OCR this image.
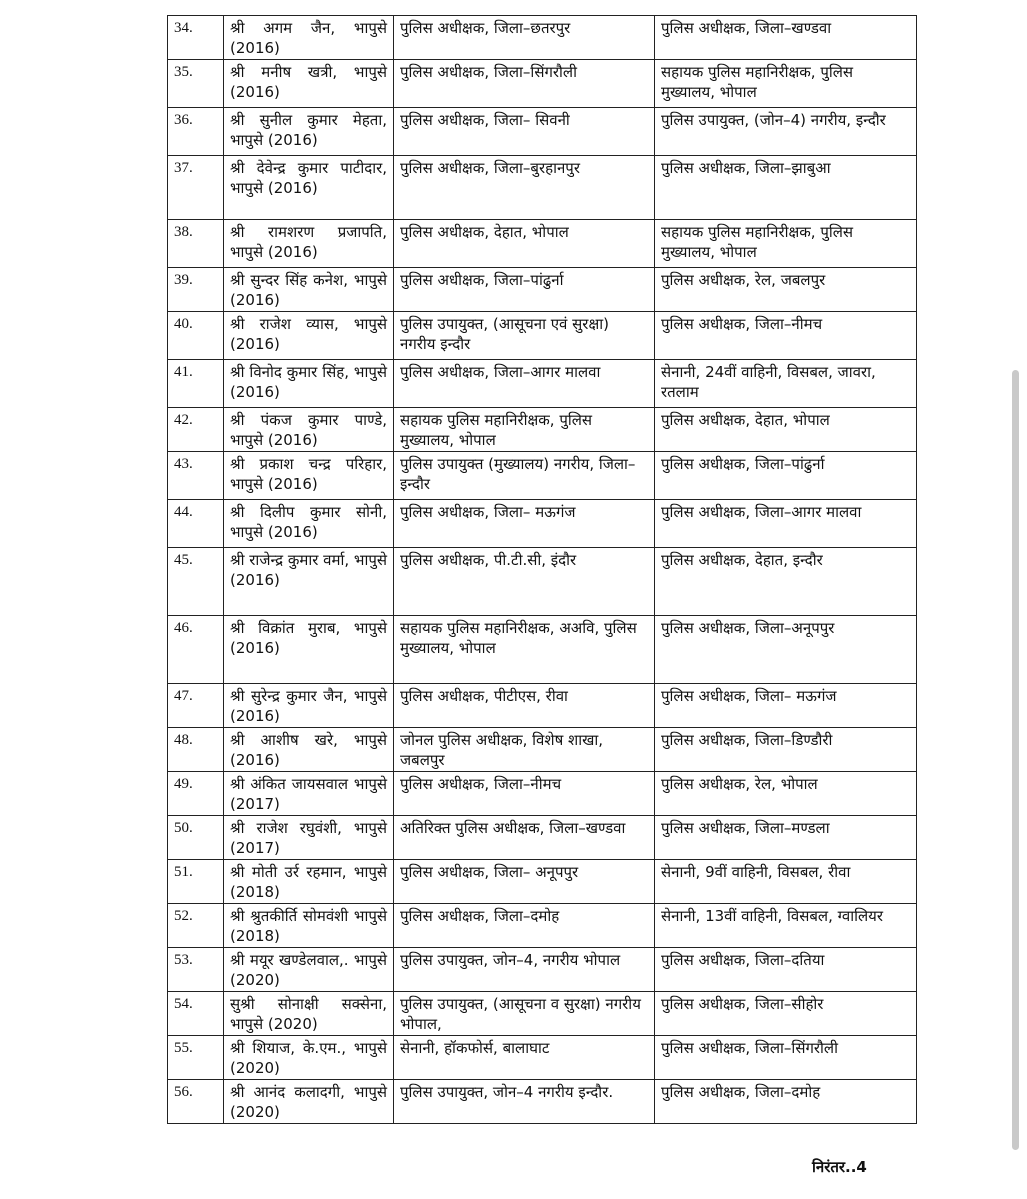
34.	श्री अगम जैन, भापुसे (2016)	पुलिस अधीक्षक, जिला–छतरपुर	पुलिस अधीक्षक, जिला–खण्डवा
35.	श्री मनीष खत्री, भापुसे (2016)	पुलिस अधीक्षक, जिला–सिंगरौली	सहायक पुलिस महानिरीक्षक, पुलिस मुख्यालय, भोपाल
36.	श्री सुनील कुमार मेहता, भापुसे (2016)	पुलिस अधीक्षक, जिला– सिवनी	पुलिस उपायुक्त, (जोन–4) नगरीय, इन्दौर
37.	श्री देवेन्द्र कुमार पाटीदार, भापुसे (2016)	पुलिस अधीक्षक, जिला–बुरहानपुर	पुलिस अधीक्षक, जिला–झाबुआ
38.	श्री रामशरण प्रजापति, भापुसे (2016)	पुलिस अधीक्षक, देहात, भोपाल	सहायक पुलिस महानिरीक्षक, पुलिस मुख्यालय, भोपाल
39.	श्री सुन्दर सिंह कनेश, भापुसे (2016)	पुलिस अधीक्षक, जिला–पांढुर्ना	पुलिस अधीक्षक, रेल, जबलपुर
40.	श्री राजेश व्यास, भापुसे (2016)	पुलिस उपायुक्त, (आसूचना एवं सुरक्षा) नगरीय इन्दौर	पुलिस अधीक्षक, जिला–नीमच
41.	श्री विनोद कुमार सिंह, भापुसे (2016)	पुलिस अधीक्षक, जिला–आगर मालवा	सेनानी, 24वीं वाहिनी, विसबल, जावरा, रतलाम
42.	श्री पंकज कुमार पाण्डे, भापुसे (2016)	सहायक पुलिस महानिरीक्षक, पुलिस मुख्यालय, भोपाल	पुलिस अधीक्षक, देहात, भोपाल
43.	श्री प्रकाश चन्द्र परिहार, भापुसे (2016)	पुलिस उपायुक्त (मुख्यालय) नगरीय, जिला–इन्दौर	पुलिस अधीक्षक, जिला–पांढुर्ना
44.	श्री दिलीप कुमार सोनी, भापुसे (2016)	पुलिस अधीक्षक, जिला– मऊगंज	पुलिस अधीक्षक, जिला–आगर मालवा
45.	श्री राजेन्द्र कुमार वर्मा, भापुसे (2016)	पुलिस अधीक्षक, पी.टी.सी, इंदौर	पुलिस अधीक्षक, देहात, इन्दौर
46.	श्री विक्रांत मुराब, भापुसे (2016)	सहायक पुलिस महानिरीक्षक, अअवि, पुलिस मुख्यालय, भोपाल	पुलिस अधीक्षक, जिला–अनूपपुर
47.	श्री सुरेन्द्र कुमार जैन, भापुसे (2016)	पुलिस अधीक्षक, पीटीएस, रीवा	पुलिस अधीक्षक, जिला– मऊगंज
48.	श्री आशीष खरे, भापुसे (2016)	जोनल पुलिस अधीक्षक, विशेष शाखा, जबलपुर	पुलिस अधीक्षक, जिला–डिण्डौरी
49.	श्री अंकित जायसवाल भापुसे (2017)	पुलिस अधीक्षक, जिला–नीमच	पुलिस अधीक्षक, रेल, भोपाल
50.	श्री राजेश रघुवंशी, भापुसे (2017)	अतिरिक्त पुलिस अधीक्षक, जिला–खण्डवा	पुलिस अधीक्षक, जिला–मण्डला
51.	श्री मोती उर्र रहमान, भापुसे (2018)	पुलिस अधीक्षक, जिला– अनूपपुर	सेनानी, 9वीं वाहिनी, विसबल, रीवा
52.	श्री श्रुतकीर्ति सोमवंशी भापुसे (2018)	पुलिस अधीक्षक, जिला–दमोह	सेनानी, 13वीं वाहिनी, विसबल, ग्वालियर
53.	श्री मयूर खण्डेलवाल,. भापुसे (2020)	पुलिस उपायुक्त, जोन–4, नगरीय भोपाल	पुलिस अधीक्षक, जिला–दतिया
54.	सुश्री सोनाक्षी सक्सेना, भापुसे (2020)	पुलिस उपायुक्त, (आसूचना व सुरक्षा) नगरीय भोपाल,	पुलिस अधीक्षक, जिला–सीहोर
55.	श्री शियाज, के.एम., भापुसे (2020)	सेनानी, हॉकफोर्स, बालाघाट	पुलिस अधीक्षक, जिला–सिंगरौली
56.	श्री आनंद कलादगी, भापुसे (2020)	पुलिस उपायुक्त, जोन–4 नगरीय इन्दौर.	पुलिस अधीक्षक, जिला–दमोह
निरंतर..4
